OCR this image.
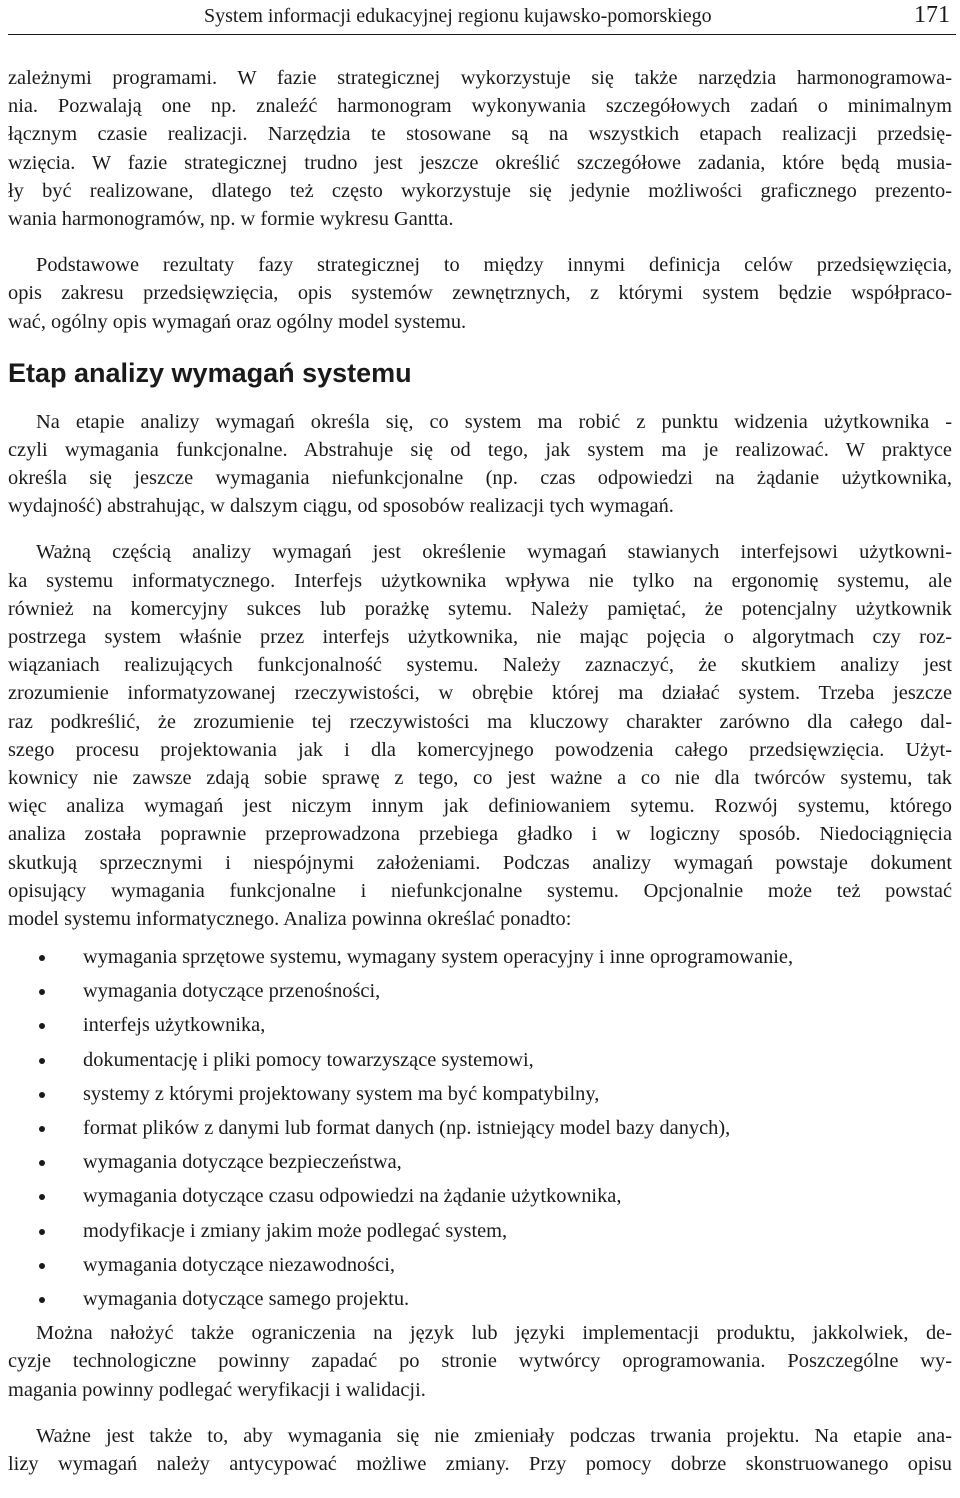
System informacji edukacyjnej regionu kujawsko-pomorskiego	171
zależnymi programami. W fazie strategicznej wykorzystuje się także narzędzia harmonogramowa-
nia. Pozwalają one np. znaleźć harmonogram wykonywania szczegółowych zadań o minimalnym
łącznym czasie realizacji. Narzędzia te stosowane są na wszystkich etapach realizacji przedsię-
wzięcia. W fazie strategicznej trudno jest jeszcze określić szczegółowe zadania, które będą musia-
ły być realizowane, dlatego też często wykorzystuje się jedynie możliwości graficznego prezento-
wania harmonogramów, np. w formie wykresu Gantta.
Podstawowe rezultaty fazy strategicznej to między innymi definicja celów przedsięwzięcia,
opis zakresu przedsięwzięcia, opis systemów zewnętrznych, z którymi system będzie współpraco-
wać, ogólny opis wymagań oraz ogólny model systemu.
Etap analizy wymagań systemu
Na etapie analizy wymagań określa się, co system ma robić z punktu widzenia użytkownika -
czyli wymagania funkcjonalne. Abstrahuje się od tego, jak system ma je realizować. W praktyce
określa się jeszcze wymagania niefunkcjonalne (np. czas odpowiedzi na żądanie użytkownika,
wydajność) abstrahując, w dalszym ciągu, od sposobów realizacji tych wymagań.
Ważną częścią analizy wymagań jest określenie wymagań stawianych interfejsowi użytkowni-
ka systemu informatycznego. Interfejs użytkownika wpływa nie tylko na ergonomię systemu, ale
również na komercyjny sukces lub porażkę sytemu. Należy pamiętać, że potencjalny użytkownik
postrzega system właśnie przez interfejs użytkownika, nie mając pojęcia o algorytmach czy roz-
wiązaniach realizujących funkcjonalność systemu. Należy zaznaczyć, że skutkiem analizy jest
zrozumienie informatyzowanej rzeczywistości, w obrębie której ma działać system. Trzeba jeszcze
raz podkreślić, że zrozumienie tej rzeczywistości ma kluczowy charakter zarówno dla całego dal-
szego procesu projektowania jak i dla komercyjnego powodzenia całego przedsięwzięcia. Użyt-
kownicy nie zawsze zdają sobie sprawę z tego, co jest ważne a co nie dla twórców systemu, tak
więc analiza wymagań jest niczym innym jak definiowaniem sytemu. Rozwój systemu, którego
analiza została poprawnie przeprowadzona przebiega gładko i w logiczny sposób. Niedociągnięcia
skutkują sprzecznymi i niespójnymi założeniami. Podczas analizy wymagań powstaje dokument
opisujący wymagania funkcjonalne i niefunkcjonalne systemu. Opcjonalnie może też powstać
model systemu informatycznego. Analiza powinna określać ponadto:
wymagania sprzętowe systemu, wymagany system operacyjny i inne oprogramowanie,
wymagania dotyczące przenośności,
interfejs użytkownika,
dokumentację i pliki pomocy towarzyszące systemowi,
systemy z którymi projektowany system ma być kompatybilny,
format plików z danymi lub format danych (np. istniejący model bazy danych),
wymagania dotyczące bezpieczeństwa,
wymagania dotyczące czasu odpowiedzi na żądanie użytkownika,
modyfikacje i zmiany jakim może podlegać system,
wymagania dotyczące niezawodności,
wymagania dotyczące samego projektu.
Można nałożyć także ograniczenia na język lub języki implementacji produktu, jakkolwiek, de-
cyzje technologiczne powinny zapadać po stronie wytwórcy oprogramowania. Poszczególne wy-
magania powinny podlegać weryfikacji i walidacji.
Ważne jest także to, aby wymagania się nie zmieniały podczas trwania projektu. Na etapie ana-
lizy wymagań należy antycypować możliwe zmiany. Przy pomocy dobrze skonstruowanego opisu
